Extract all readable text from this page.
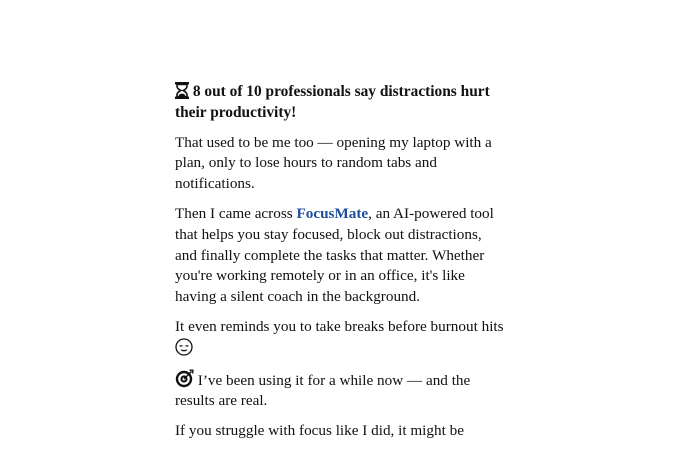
8 out of 10 professionals say distractions hurt their productivity!

That used to be me too — opening my laptop with a plan, only to lose hours to random tabs and notifications.

Then I came across FocusMate, an AI-powered tool that helps you stay focused, block out distractions, and finally complete the tasks that matter. Whether you're working remotely or in an office, it's like having a silent coach in the background.

It even reminds you to take breaks before burnout hits

I’ve been using it for a while now — and the results are real.

If you struggle with focus like I did, it might be
